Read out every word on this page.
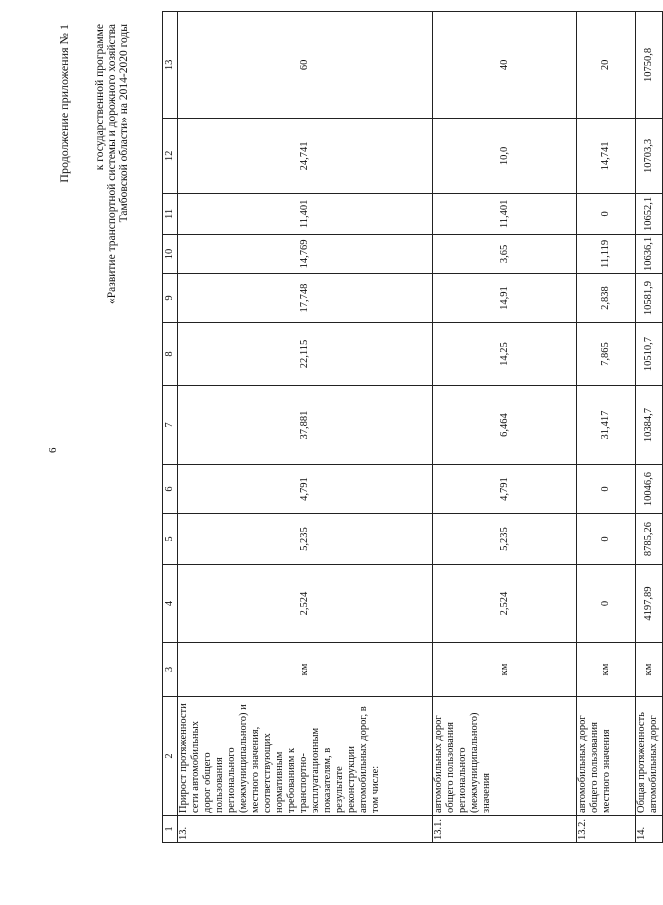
6
Продолжение приложения № 1 к государственной программе «Развитие транспортной системы и дорожного хозяйства Тамбовской области» на 2014-2020 годы
1	2	3	4	5	6	7	8	9	10	11	12	13
13.	Прирост протяженности сети автомобильных дорог общего пользования регионального (межмуниципального) и местного значения, соответствующих нормативным требованиям к транспортно-эксплуатационным показателям, в результате реконструкции автомобильных дорог, в том числе:	км	2,524	5,235	4,791	37,881	22,115	17,748	14,769	11,401	24,741	60
13.1.	автомобильных дорог общего пользования регионального (межмуниципального) значения	км	2,524	5,235	4,791	6,464	14,25	14,91	3,65	11,401	10,0	40
13.2.	автомобильных дорог общего пользования местного значения	км	0	0	0	31,417	7,865	2,838	11,119	0	14,741	20
14.	Общая протяженность автомобильных дорог	км	4197,89	8785,26	10046,6	10384,7	10510,7	10581,9	10636,1	10652,1	10703,3	10750,8
